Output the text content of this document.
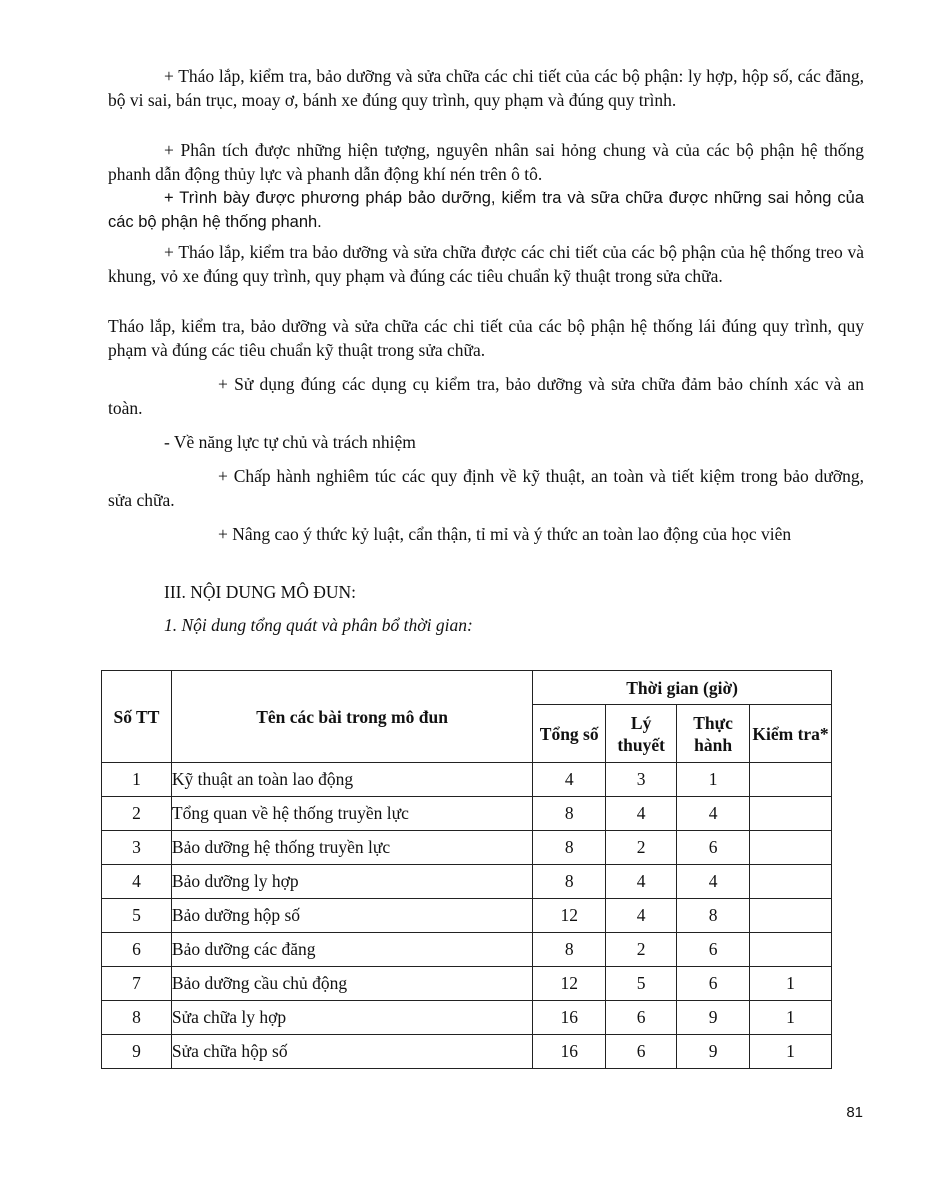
+ Tháo lắp, kiểm tra, bảo dưỡng và sửa chữa các chi tiết của các bộ phận: ly hợp, hộp số, các đăng, bộ vi sai, bán trục, moay ơ, bánh xe đúng quy trình, quy phạm và đúng quy trình.

+ Phân tích được những hiện tượng, nguyên nhân sai hỏng chung và của các bộ phận hệ thống phanh dẫn động thủy lực và phanh dẫn động khí nén trên ô tô.

+ Trình bày được phương pháp bảo dưỡng, kiểm tra và sữa chữa được những sai hỏng của các bộ phận hệ thống phanh.

+ Tháo lắp, kiểm tra bảo dưỡng và sửa chữa được các chi tiết của các bộ phận của hệ thống treo và khung, vỏ xe đúng quy trình, quy phạm và đúng các tiêu chuẩn kỹ thuật trong sửa chữa.

Tháo lắp, kiểm tra, bảo dưỡng và sửa chữa các chi tiết của các bộ phận hệ thống lái đúng quy trình, quy phạm và đúng các tiêu chuẩn kỹ thuật trong sửa chữa.

+ Sử dụng đúng các dụng cụ kiểm tra, bảo dưỡng và sửa chữa đảm bảo chính xác và an toàn.

- Về năng lực tự chủ và trách nhiệm

+ Chấp hành nghiêm túc các quy định về kỹ thuật, an toàn và tiết kiệm trong bảo dưỡng, sửa chữa.

+ Nâng cao ý thức kỷ luật, cẩn thận, tỉ mỉ và ý thức an toàn lao động của học viên

III. NỘI DUNG MÔ ĐUN:

1. Nội dung tổng quát và phân bổ thời gian:

Số TT	Tên các bài trong mô đun	Thời gian (giờ)			
		Tổng số	Lý thuyết	Thực hành	Kiểm tra*
1	Kỹ thuật an toàn lao động	4	3	1	
2	Tổng quan về hệ thống truyền lực	8	4	4	
3	Bảo dưỡng hệ thống truyền lực	8	2	6	
4	Bảo dưỡng ly hợp	8	4	4	
5	Bảo dưỡng hộp số	12	4	8	
6	Bảo dưỡng các đăng	8	2	6	
7	Bảo dưỡng cầu chủ động	12	5	6	1
8	Sửa chữa ly hợp	16	6	9	1
9	Sửa chữa hộp số	16	6	9	1
81
